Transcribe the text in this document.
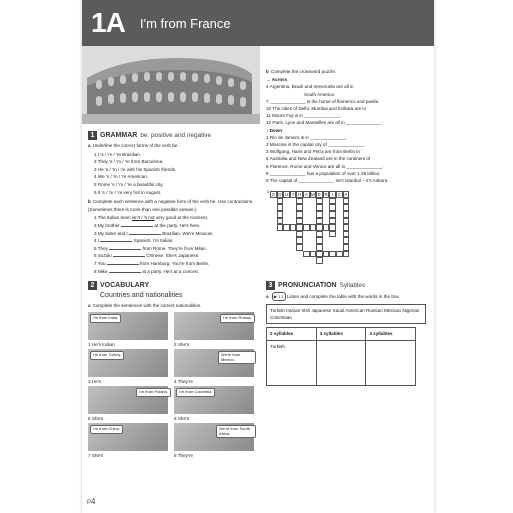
1A I'm from France
1 GRAMMAR be: positive and negative
a Underline the correct forms of the verb be.
1 I 's / 'm / 're Brazilian.
2 They 's / 'm / 're from Barcelona.
3 He 's / 'm / 're with his Spanish friends.
4 We 's / 'm / 're American.
5 Rome 's / 'm / 're a beautiful city.
6 It 's / 'm / 're very hot in August.
b Complete each sentence with a negative form of the verb be. Use contractions. (Sometimes there is more than one possible answer.)
1 The Italian team isn't / 's not very good at the moment.
2 My brother	at the party. He's here.
3 My sister and I	Brazilian. We're Mexican.
4 I	Spanish. I'm Italian.
5 They	from Rome. They're from Milan.
6 Suzuki	Chinese. She's Japanese.
7 You	from Hamburg. You're from Berlin.
8 Mike	at a party. He's at a concert.
2 VOCABULARY
Countries and nationalities
a Complete the sentences with the correct nationalities.
I'm from India.	I'm from Russia.
I'm from Turkey.	We're from Mexico.
I'm from Poland.	I'm from Colombia.
I'm from China.	We're from South Africa.
1 He's Indian	2 She's
3 He's	4 They're
5 She's	6 She's
7 She's	8 They're
b Complete the crossword puzzle.
→ Across
4 Argentina, Brazil and Venezuela are all in
South America
7 ______________ is the home of flamenco and paella.
10 The cities of Delhi, Mumbai and Kolkata are in
11 Mount Fuji is in ______________.
12 Paris, Lyon and Marseilles are all in ______________.
↓ Down
1 Rio de Janeiro is in ______________.
2 Moscow is the capital city of ______________.
3 Wolfgang, Hans and Petra are from Berlin in
5 Australia and New Zealand are in the continent of
6 Florence, Rome and Venice are all in ______________.
8 ______________ has a population of over 1.35 billion.
9 The capital of ______________ isn't Istanbul – it's Ankara.
4 S O U T H A M E R I C A
3 PRONUNCIATION Syllables
a ▶ 1.1 Listen and complete the table with the words in the box.
Turkish Iranian Irish Japanese Saudi American Russian Mexican Nigerian Colombian
2 syllables	3 syllables	4 syllables
Turkish		
P4
